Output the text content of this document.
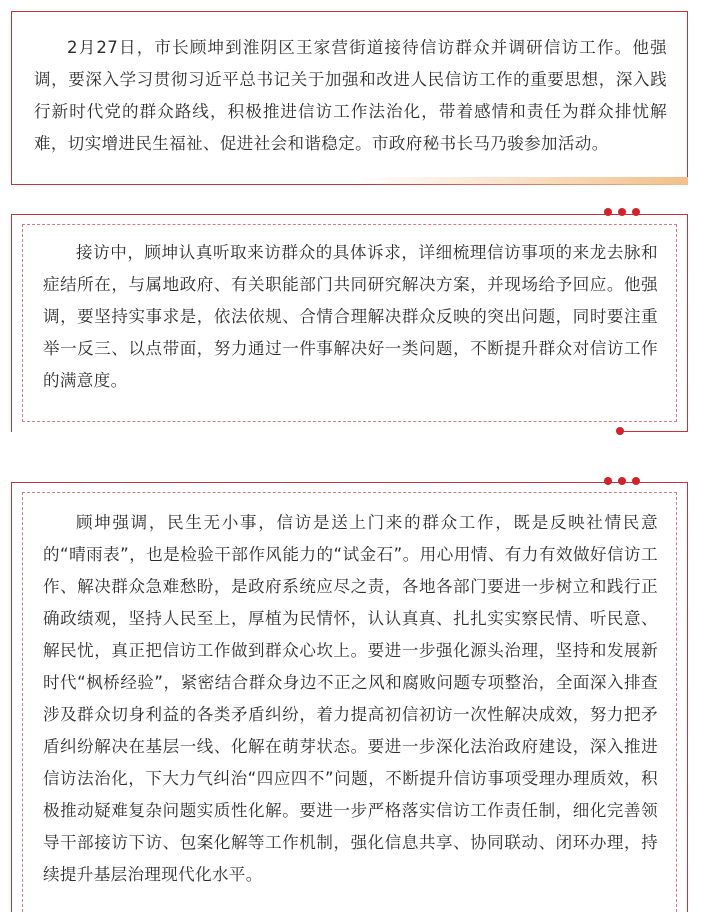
2月27日，市长顾坤到淮阴区王家营街道接待信访群众并调研信访工作。他强调，要深入学习贯彻习近平总书记关于加强和改进人民信访工作的重要思想，深入践行新时代党的群众路线，积极推进信访工作法治化，带着感情和责任为群众排忧解难，切实增进民生福祉、促进社会和谐稳定。市政府秘书长马乃骏参加活动。

接访中，顾坤认真听取来访群众的具体诉求，详细梳理信访事项的来龙去脉和症结所在，与属地政府、有关职能部门共同研究解决方案，并现场给予回应。他强调，要坚持实事求是，依法依规、合情合理解决群众反映的突出问题，同时要注重举一反三、以点带面，努力通过一件事解决好一类问题，不断提升群众对信访工作的满意度。

顾坤强调，民生无小事，信访是送上门来的群众工作，既是反映社情民意的“晴雨表”，也是检验干部作风能力的“试金石”。用心用情、有力有效做好信访工作、解决群众急难愁盼，是政府系统应尽之责，各地各部门要进一步树立和践行正确政绩观，坚持人民至上，厚植为民情怀，认认真真、扎扎实实察民情、听民意、解民忧，真正把信访工作做到群众心坎上。要进一步强化源头治理，坚持和发展新时代“枫桥经验”，紧密结合群众身边不正之风和腐败问题专项整治，全面深入排查涉及群众切身利益的各类矛盾纠纷，着力提高初信初访一次性解决成效，努力把矛盾纠纷解决在基层一线、化解在萌芽状态。要进一步深化法治政府建设，深入推进信访法治化，下大力气纠治“四应四不”问题，不断提升信访事项受理办理质效，积极推动疑难复杂问题实质性化解。要进一步严格落实信访工作责任制，细化完善领导干部接访下访、包案化解等工作机制，强化信息共享、协同联动、闭环办理，持续提升基层治理现代化水平。
